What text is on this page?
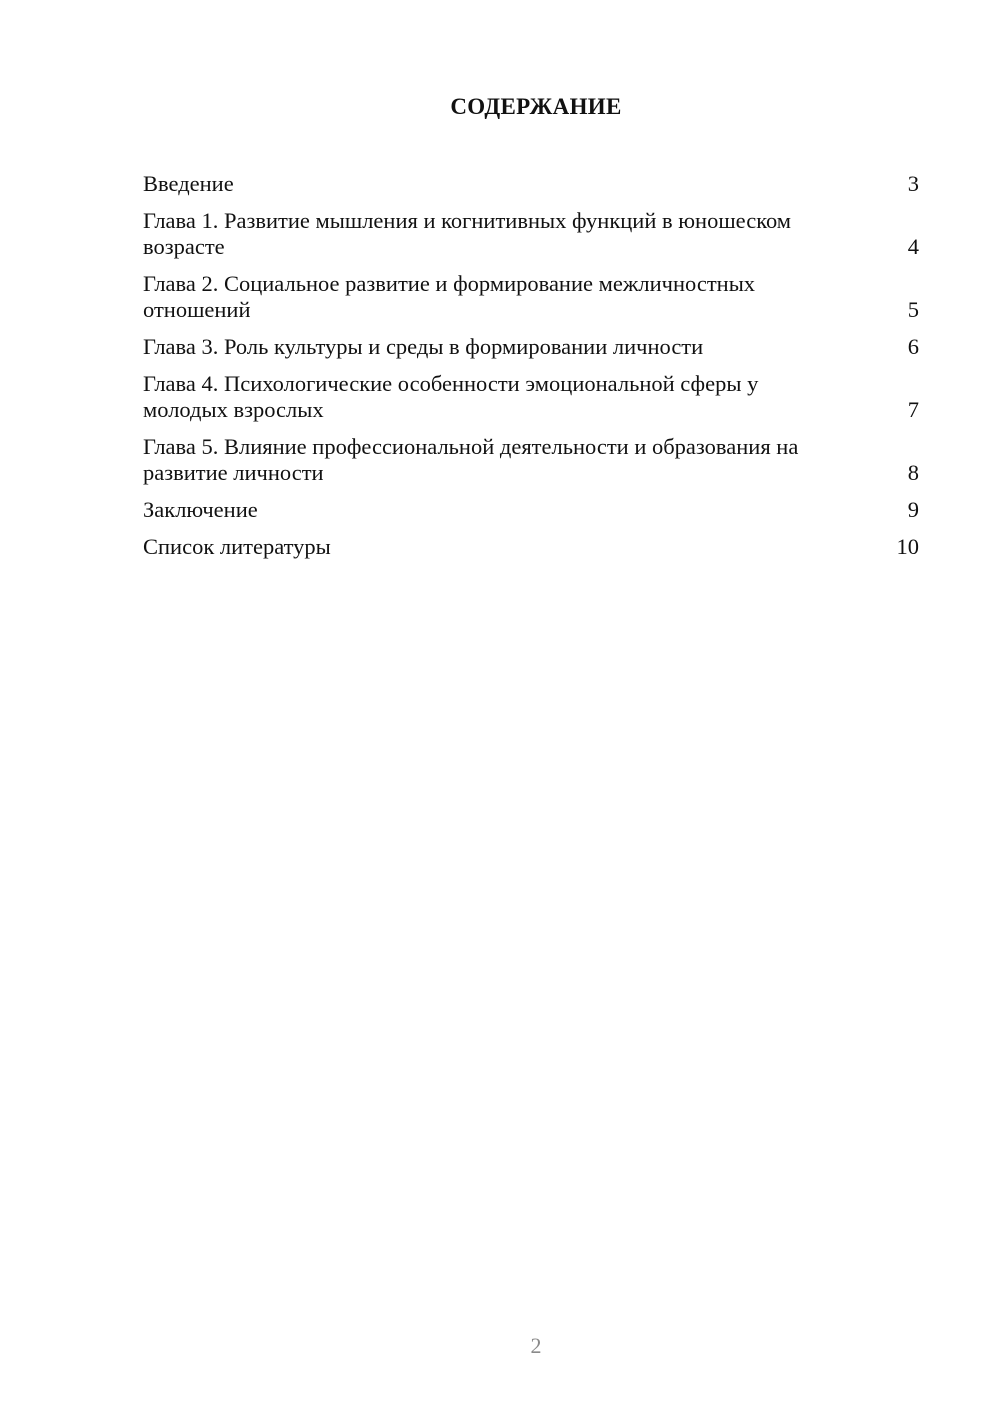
СОДЕРЖАНИЕ
Введение	3
Глава 1. Развитие мышления и когнитивных функций в юношеском возрасте	4
Глава 2. Социальное развитие и формирование межличностных отношений	5
Глава 3. Роль культуры и среды в формировании личности	6
Глава 4. Психологические особенности эмоциональной сферы у молодых взрослых	7
Глава 5. Влияние профессиональной деятельности и образования на развитие личности	8
Заключение	9
Список литературы	10
2
